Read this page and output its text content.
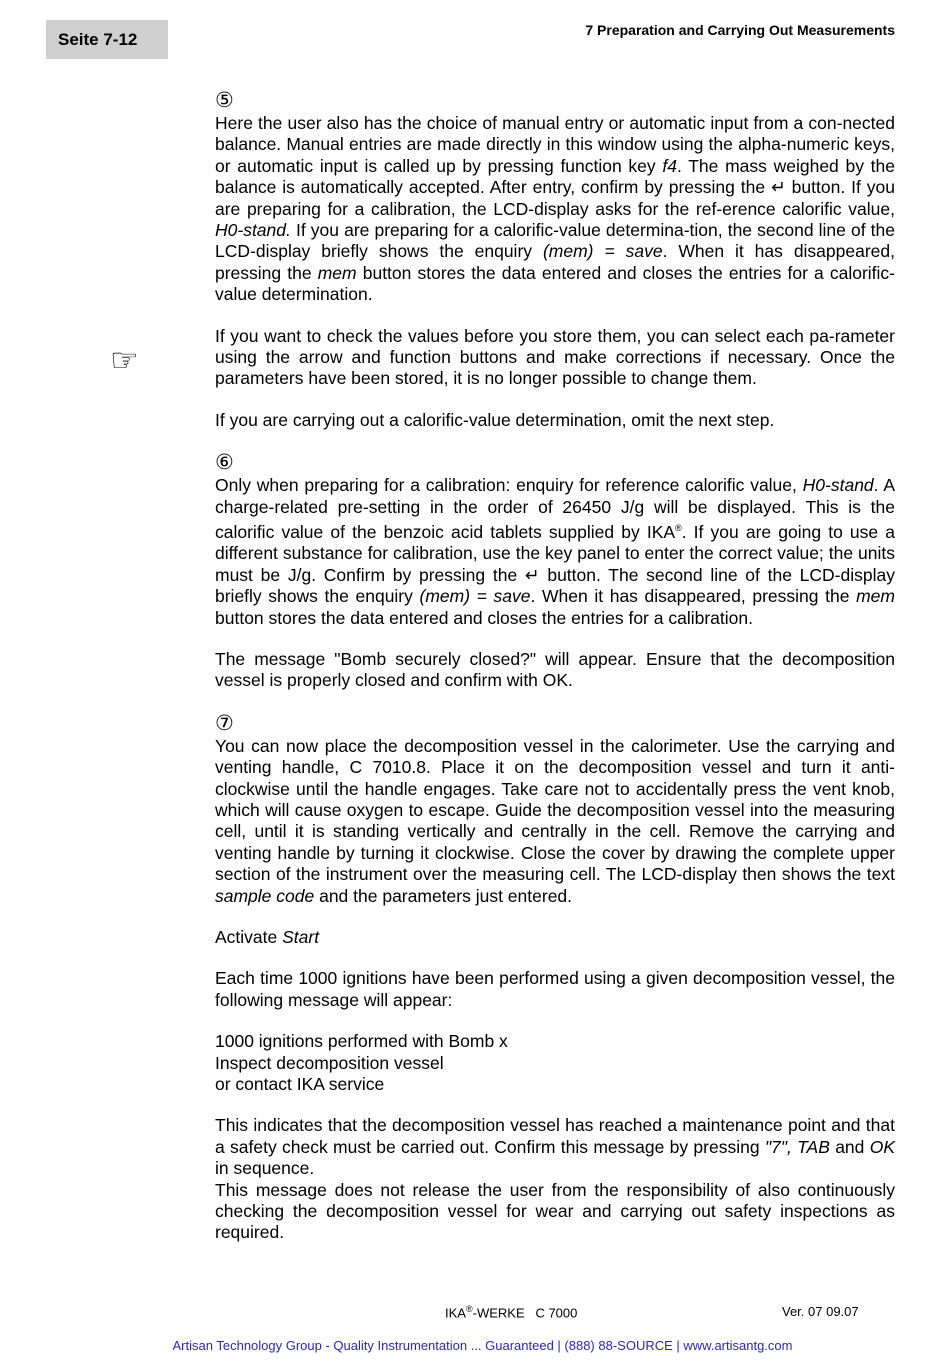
Seite 7-12	7 Preparation and Carrying Out Measurements
☞
⑤

Here the user also has the choice of manual entry or automatic input from a con-nected balance. Manual entries are made directly in this window using the alpha-numeric keys, or automatic input is called up by pressing function key f4. The mass weighed by the balance is automatically accepted. After entry, confirm by pressing the ↵ button. If you are preparing for a calibration, the LCD-display asks for the ref-erence calorific value, H0-stand. If you are preparing for a calorific-value determina-tion, the second line of the LCD-display briefly shows the enquiry (mem) = save. When it has disappeared, pressing the mem button stores the data entered and closes the entries for a calorific-value determination.

If you want to check the values before you store them, you can select each pa-rameter using the arrow and function buttons and make corrections if necessary. Once the parameters have been stored, it is no longer possible to change them.

If you are carrying out a calorific-value determination, omit the next step.

⑥

Only when preparing for a calibration: enquiry for reference calorific value, H0-stand. A charge-related pre-setting in the order of 26450 J/g will be displayed. This is the calorific value of the benzoic acid tablets supplied by IKA®. If you are going to use a different substance for calibration, use the key panel to enter the correct value; the units must be J/g. Confirm by pressing the ↵ button. The second line of the LCD-display briefly shows the enquiry (mem) = save. When it has disappeared, pressing the mem button stores the data entered and closes the entries for a calibration.

The message "Bomb securely closed?" will appear. Ensure that the decomposition vessel is properly closed and confirm with OK.

⑦

You can now place the decomposition vessel in the calorimeter. Use the carrying and venting handle, C 7010.8. Place it on the decomposition vessel and turn it anti-clockwise until the handle engages. Take care not to accidentally press the vent knob, which will cause oxygen to escape. Guide the decomposition vessel into the measuring cell, until it is standing vertically and centrally in the cell. Remove the carrying and venting handle by turning it clockwise. Close the cover by drawing the complete upper section of the instrument over the measuring cell. The LCD-display then shows the text sample code and the parameters just entered.

Activate Start

Each time 1000 ignitions have been performed using a given decomposition vessel, the following message will appear:

1000 ignitions performed with Bomb x
Inspect decomposition vessel
or contact IKA service

This indicates that the decomposition vessel has reached a maintenance point and that a safety check must be carried out. Confirm this message by pressing "7", TAB and OK in sequence.

This message does not release the user from the responsibility of also continuously checking the decomposition vessel for wear and carrying out safety inspections as required.

IKA®-WERKE   C 7000	Ver. 07 09.07
Artisan Technology Group - Quality Instrumentation ... Guaranteed | (888) 88-SOURCE | www.artisantg.com
